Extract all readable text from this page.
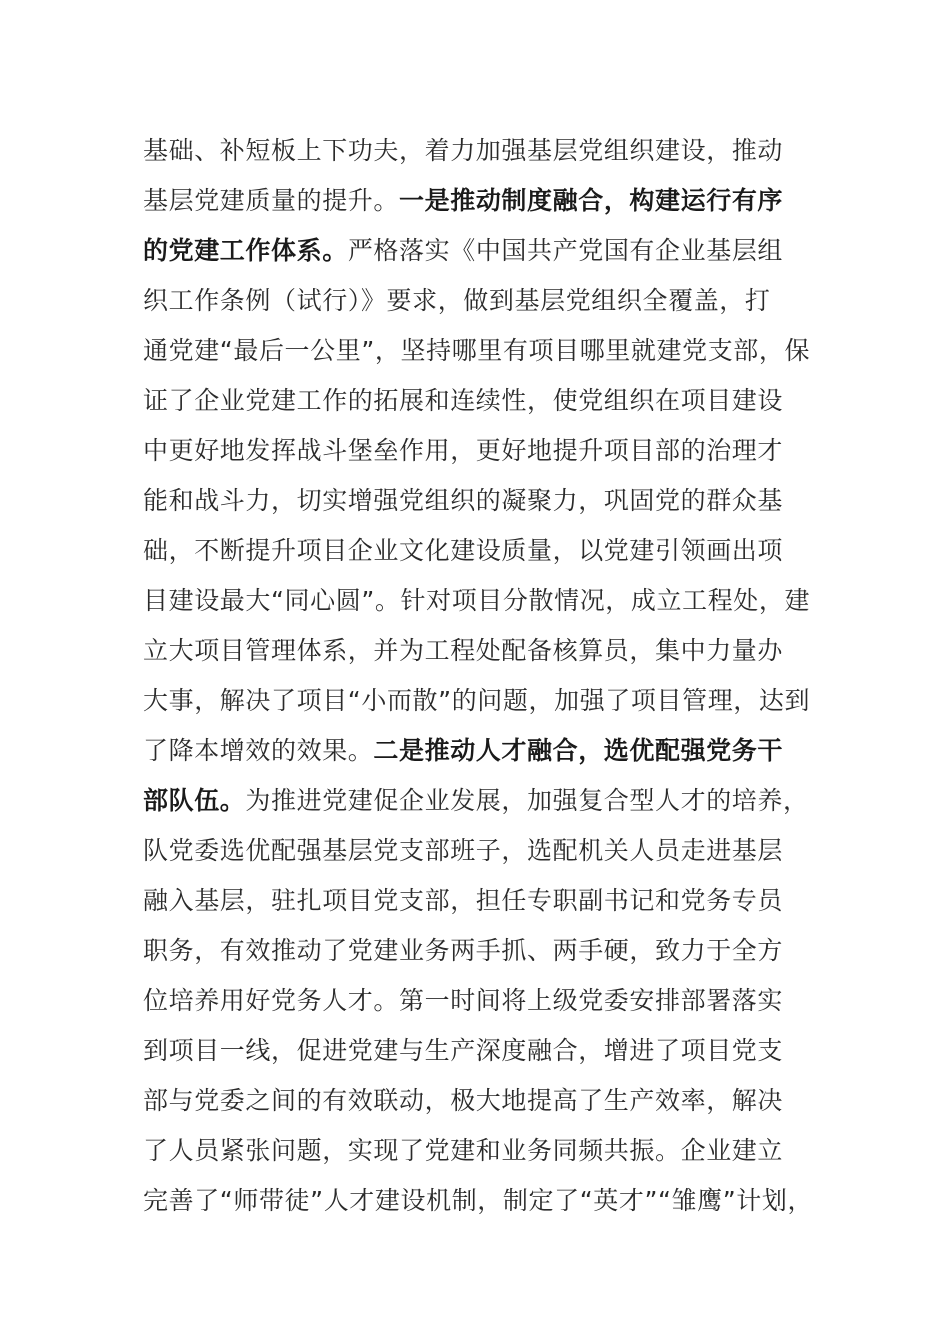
基础、补短板上下功夫，着力加强基层党组织建设，推动
基层党建质量的提升。一是推动制度融合，构建运行有序
的党建工作体系。严格落实《中国共产党国有企业基层组
织工作条例（试行）》要求，做到基层党组织全覆盖，打
通党建“最后一公里”，坚持哪里有项目哪里就建党支部，保
证了企业党建工作的拓展和连续性，使党组织在项目建设
中更好地发挥战斗堡垒作用，更好地提升项目部的治理才
能和战斗力，切实增强党组织的凝聚力，巩固党的群众基
础，不断提升项目企业文化建设质量，以党建引领画出项
目建设最大“同心圆”。针对项目分散情况，成立工程处，建
立大项目管理体系，并为工程处配备核算员，集中力量办
大事，解决了项目“小而散”的问题，加强了项目管理，达到
了降本增效的效果。二是推动人才融合，选优配强党务干
部队伍。为推进党建促企业发展，加强复合型人才的培养，
队党委选优配强基层党支部班子，选配机关人员走进基层
融入基层，驻扎项目党支部，担任专职副书记和党务专员
职务，有效推动了党建业务两手抓、两手硬，致力于全方
位培养用好党务人才。第一时间将上级党委安排部署落实
到项目一线，促进党建与生产深度融合，增进了项目党支
部与党委之间的有效联动，极大地提高了生产效率，解决
了人员紧张问题，实现了党建和业务同频共振。企业建立
完善了“师带徒”人才建设机制，制定了“英才”“雏鹰”计划，
